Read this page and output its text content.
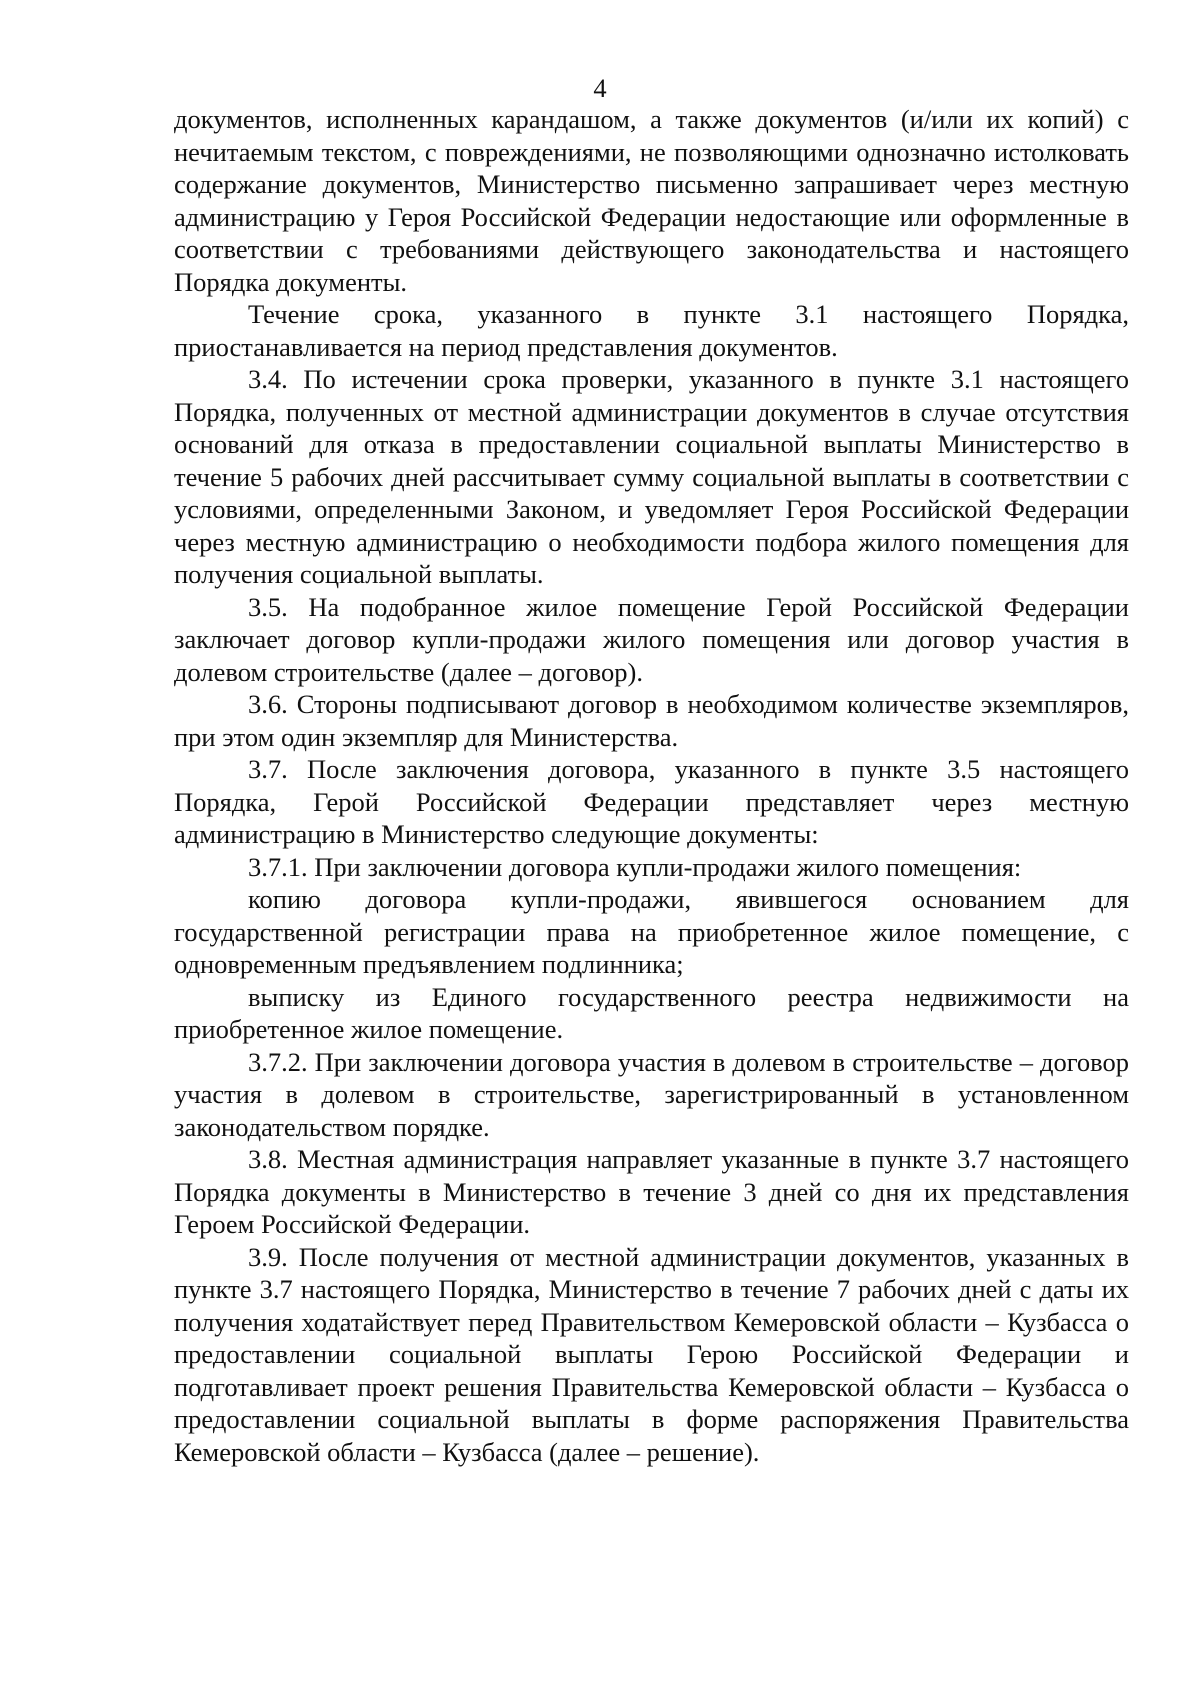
4

документов, исполненных карандашом, а также документов (и/или их копий) с нечитаемым текстом, с повреждениями, не позволяющими однозначно истолковать содержание документов, Министерство письменно запрашивает через местную администрацию у Героя Российской Федерации недостающие или оформленные в соответствии с требованиями действующего законодательства и настоящего Порядка документы.

Течение срока, указанного в пункте 3.1 настоящего Порядка, приостанавливается на период представления документов.

3.4. По истечении срока проверки, указанного в пункте 3.1 настоящего Порядка, полученных от местной администрации документов в случае отсутствия оснований для отказа в предоставлении социальной выплаты Министерство в течение 5 рабочих дней рассчитывает сумму социальной выплаты в соответствии с условиями, определенными Законом, и уведомляет Героя Российской Федерации через местную администрацию о необходимости подбора жилого помещения для получения социальной выплаты.

3.5. На подобранное жилое помещение Герой Российской Федерации заключает договор купли-продажи жилого помещения или договор участия в долевом строительстве (далее – договор).

3.6. Стороны подписывают договор в необходимом количестве экземпляров, при этом один экземпляр для Министерства.

3.7. После заключения договора, указанного в пункте 3.5 настоящего Порядка, Герой Российской Федерации представляет через местную администрацию в Министерство следующие документы:

3.7.1. При заключении договора купли-продажи жилого помещения:

копию договора купли-продажи, явившегося основанием для государственной регистрации права на приобретенное жилое помещение, с одновременным предъявлением подлинника;

выписку из Единого государственного реестра недвижимости на приобретенное жилое помещение.

3.7.2. При заключении договора участия в долевом в строительстве – договор участия в долевом в строительстве, зарегистрированный в установленном законодательством порядке.

3.8. Местная администрация направляет указанные в пункте 3.7 настоящего Порядка документы в Министерство в течение 3 дней со дня их представления Героем Российской Федерации.

3.9. После получения от местной администрации документов, указанных в пункте 3.7 настоящего Порядка, Министерство в течение 7 рабочих дней с даты их получения ходатайствует перед Правительством Кемеровской области – Кузбасса о предоставлении социальной выплаты Герою Российской Федерации и подготавливает проект решения Правительства Кемеровской области – Кузбасса о предоставлении социальной выплаты в форме распоряжения Правительства Кемеровской области – Кузбасса (далее – решение).
